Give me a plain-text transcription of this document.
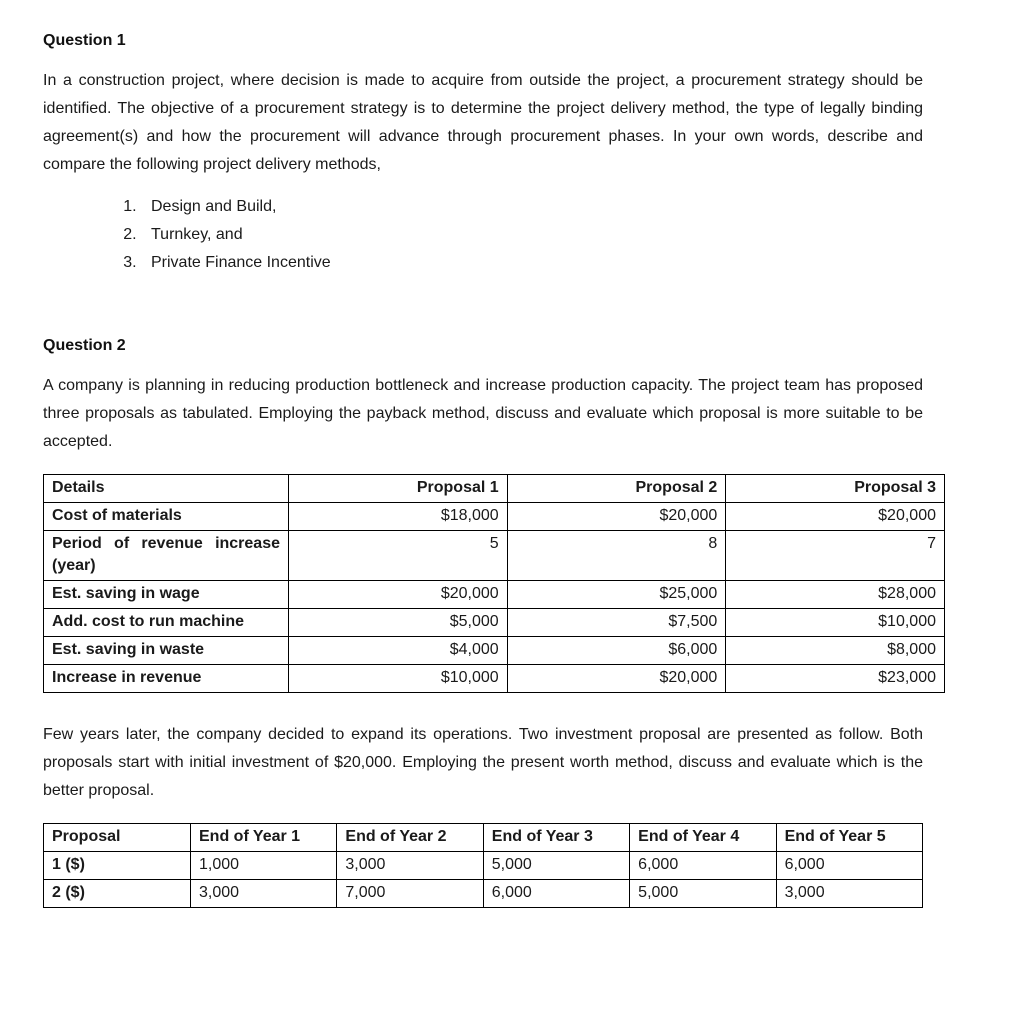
Question 1

In a construction project, where decision is made to acquire from outside the project, a procurement strategy should be identified. The objective of a procurement strategy is to determine the project delivery method, the type of legally binding agreement(s) and how the procurement will advance through procurement phases. In your own words, describe and compare the following project delivery methods,

1. Design and Build,
2. Turnkey, and
3. Private Finance Incentive
Question 2

A company is planning in reducing production bottleneck and increase production capacity. The project team has proposed three proposals as tabulated. Employing the payback method, discuss and evaluate which proposal is more suitable to be accepted.

Details	Proposal 1	Proposal 2	Proposal 3
Cost of materials	$18,000	$20,000	$20,000
Period of revenue increase (year)	5	8	7
Est. saving in wage	$20,000	$25,000	$28,000
Add. cost to run machine	$5,000	$7,500	$10,000
Est. saving in waste	$4,000	$6,000	$8,000
Increase in revenue	$10,000	$20,000	$23,000

Few years later, the company decided to expand its operations. Two investment proposal are presented as follow. Both proposals start with initial investment of $20,000. Employing the present worth method, discuss and evaluate which is the better proposal.

Proposal	End of Year 1	End of Year 2	End of Year 3	End of Year 4	End of Year 5
1 ($)	1,000	3,000	5,000	6,000	6,000
2 ($)	3,000	7,000	6,000	5,000	3,000
